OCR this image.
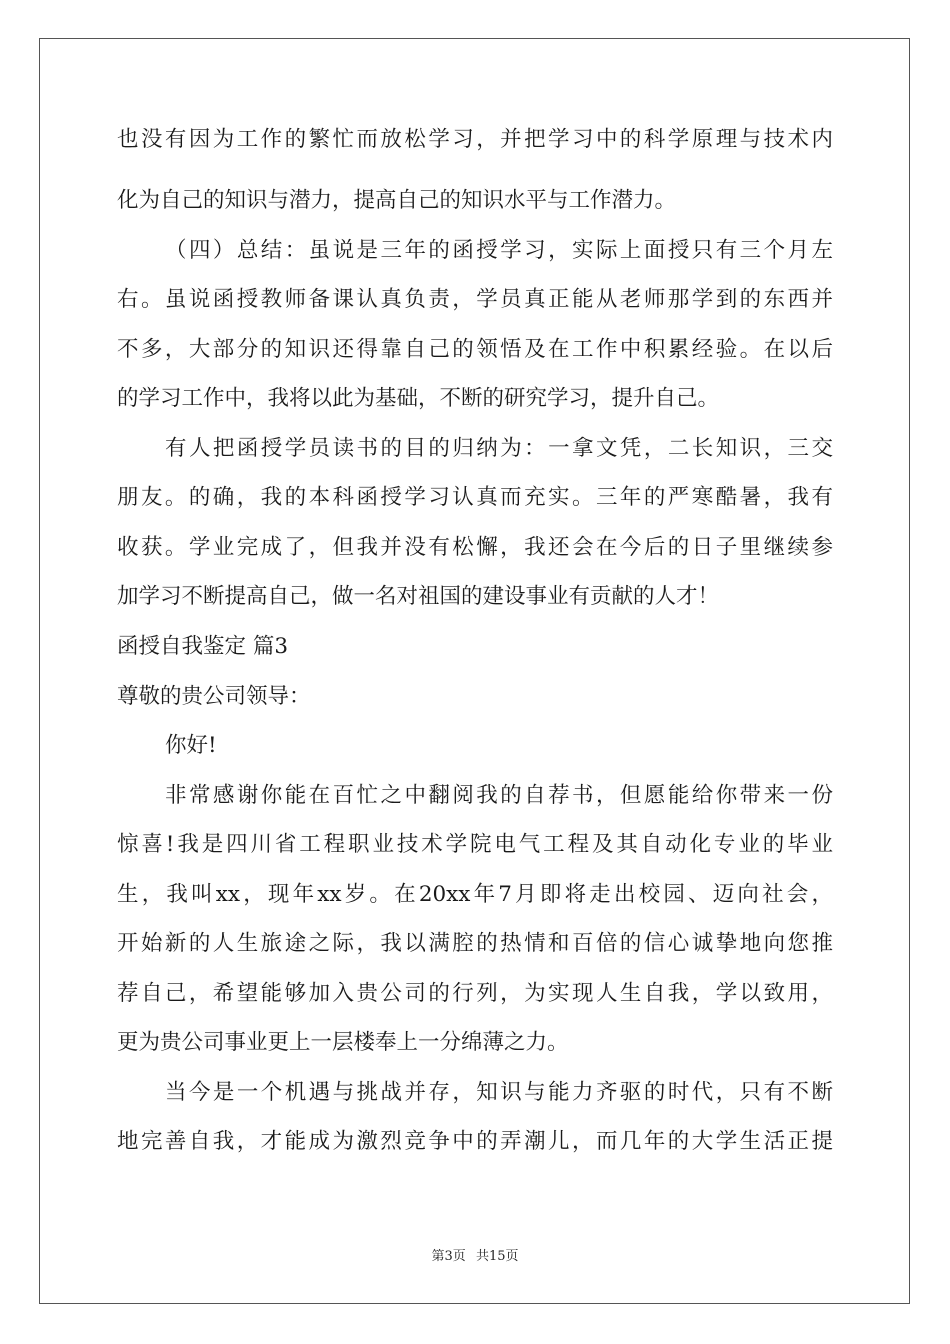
也没有因为工作的繁忙而放松学习，并把学习中的科学原理与技术内
化为自己的知识与潜力，提高自己的知识水平与工作潜力。
（四）总结：虽说是三年的函授学习，实际上面授只有三个月左
右。虽说函授教师备课认真负责，学员真正能从老师那学到的东西并
不多，大部分的知识还得靠自己的领悟及在工作中积累经验。在以后
的学习工作中，我将以此为基础，不断的研究学习，提升自己。
有人把函授学员读书的目的归纳为：一拿文凭，二长知识，三交
朋友。的确，我的本科函授学习认真而充实。三年的严寒酷暑，我有
收获。学业完成了，但我并没有松懈，我还会在今后的日子里继续参
加学习不断提高自己，做一名对祖国的建设事业有贡献的人才！
函授自我鉴定 篇3
尊敬的贵公司领导：
你好!
非常感谢你能在百忙之中翻阅我的自荐书，但愿能给你带来一份
惊喜!我是四川省工程职业技术学院电气工程及其自动化专业的毕业
生，我叫xx，现年xx岁。在20xx年7月即将走出校园、迈向社会，
开始新的人生旅途之际，我以满腔的热情和百倍的信心诚挚地向您推
荐自己，希望能够加入贵公司的行列，为实现人生自我，学以致用，
更为贵公司事业更上一层楼奉上一分绵薄之力。
当今是一个机遇与挑战并存，知识与能力齐驱的时代，只有不断
地完善自我，才能成为激烈竞争中的弄潮儿，而几年的大学生活正提
第3页 共15页
